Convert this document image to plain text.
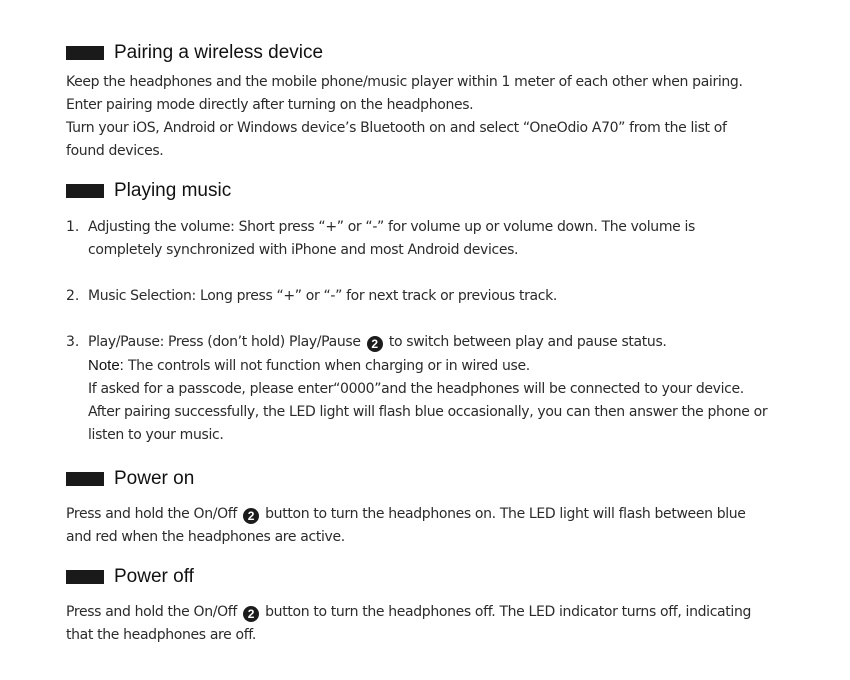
Pairing a wireless device
Keep the headphones and the mobile phone/music player within 1 meter of each other when pairing.
Enter pairing mode directly after turning on the headphones.
Turn your iOS, Android or Windows device’s Bluetooth on and select “OneOdio A70” from the list of
found devices.
Playing music
1. Adjusting the volume: Short press “+” or “-” for volume up or volume down. The volume is
completely synchronized with iPhone and most Android devices.
2. Music Selection: Long press “+” or “-” for next track or previous track.
3. Play/Pause: Press (don’t hold) Play/Pause 2 to switch between play and pause status.
Note: The controls will not function when charging or in wired use.
If asked for a passcode, please enter“0000”and the headphones will be connected to your device.
After pairing successfully, the LED light will flash blue occasionally, you can then answer the phone or
listen to your music.
Power on
Press and hold the On/Off 2 button to turn the headphones on. The LED light will flash between blue
and red when the headphones are active.
Power off
Press and hold the On/Off 2 button to turn the headphones off. The LED indicator turns off, indicating
that the headphones are off.
